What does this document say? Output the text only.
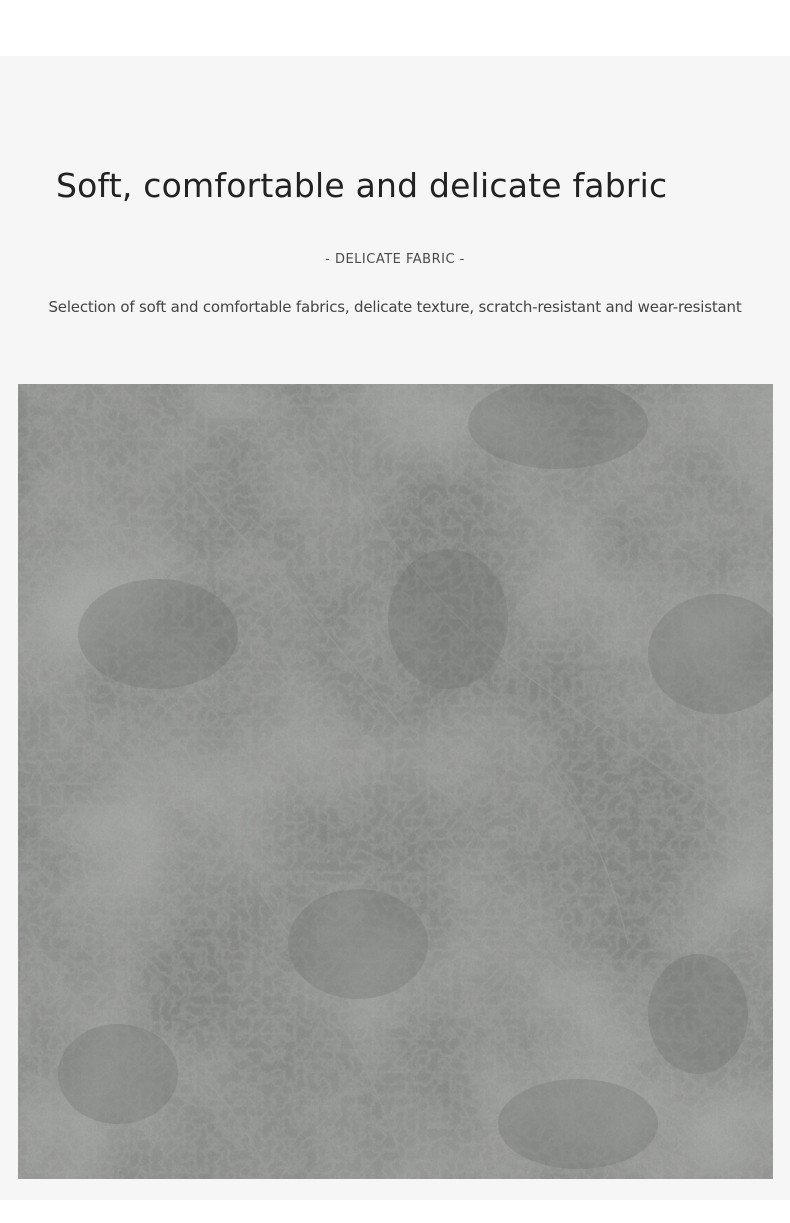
Soft, comfortable and delicate fabric
- DELICATE FABRIC -
Selection of soft and comfortable fabrics, delicate texture, scratch-resistant and wear-resistant
